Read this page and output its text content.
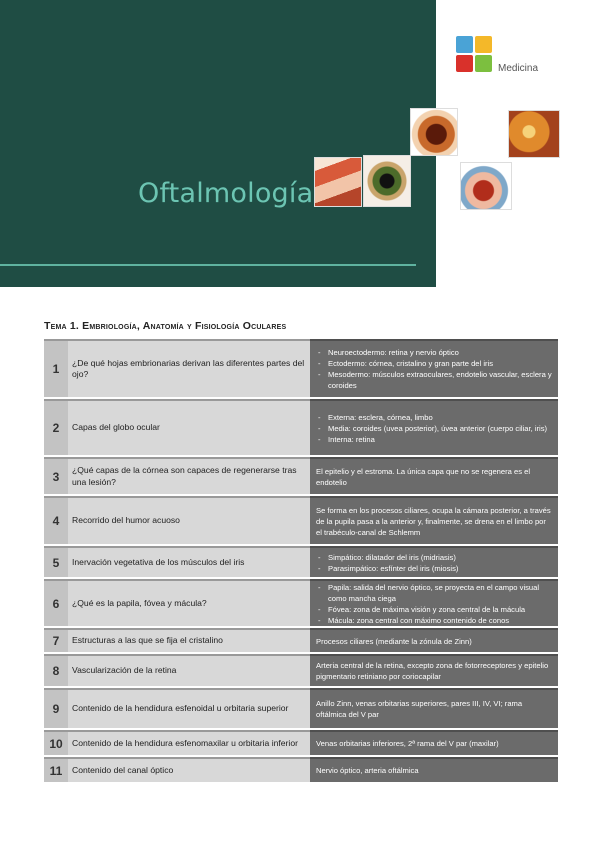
Oftalmología
Medicina
Tema 1. Embriología, Anatomía y Fisiología Oculares
1	¿De qué hojas embrionarias derivan las diferentes partes del ojo?
- Neuroectodermo: retina y nervio óptico
- Ectodermo: córnea, cristalino y gran parte del iris
- Mesodermo: músculos extraoculares, endotelio vascular, esclera y coroides
2	Capas del globo ocular
- Externa: esclera, córnea, limbo
- Media: coroides (uvea posterior), úvea anterior (cuerpo ciliar, iris)
- Interna: retina
3	¿Qué capas de la córnea son capaces de regenerarse tras una lesión?
El epitelio y el estroma. La única capa que no se regenera es el endotelio
4	Recorrido del humor acuoso
Se forma en los procesos ciliares, ocupa la cámara posterior, a través de la pupila pasa a la anterior y, finalmente, se drena en el limbo por el trabéculo-canal de Schlemm
5	Inervación vegetativa de los músculos del iris
-	Simpático: dilatador del iris (midriasis)
- Parasimpático: esfínter del iris (miosis)
6	¿Qué es la papila, fóvea y mácula?
- Papila: salida del nervio óptico, se proyecta en el campo visual como mancha ciega
- Fóvea: zona de máxima visión y zona central de la mácula
- Mácula: zona central con máximo contenido de conos
7	Estructuras a las que se fija el cristalino	Procesos ciliares (mediante la zónula de Zinn)
8	Vascularización de la retina	Arteria central de la retina, excepto zona de fotorreceptores y epitelio pigmentario retiniano por coriocapilar
9	Contenido de la hendidura esfenoidal u orbitaria superior	Anillo Zinn, venas orbitarias superiores, pares III, IV, VI; rama oftálmica del V par
10	Contenido de la hendidura esfenomaxilar u orbitaria inferior	Venas orbitarias inferiores, 2ª rama del V par (maxilar)
11	Contenido del canal óptico	Nervio óptico, arteria oftálmica
